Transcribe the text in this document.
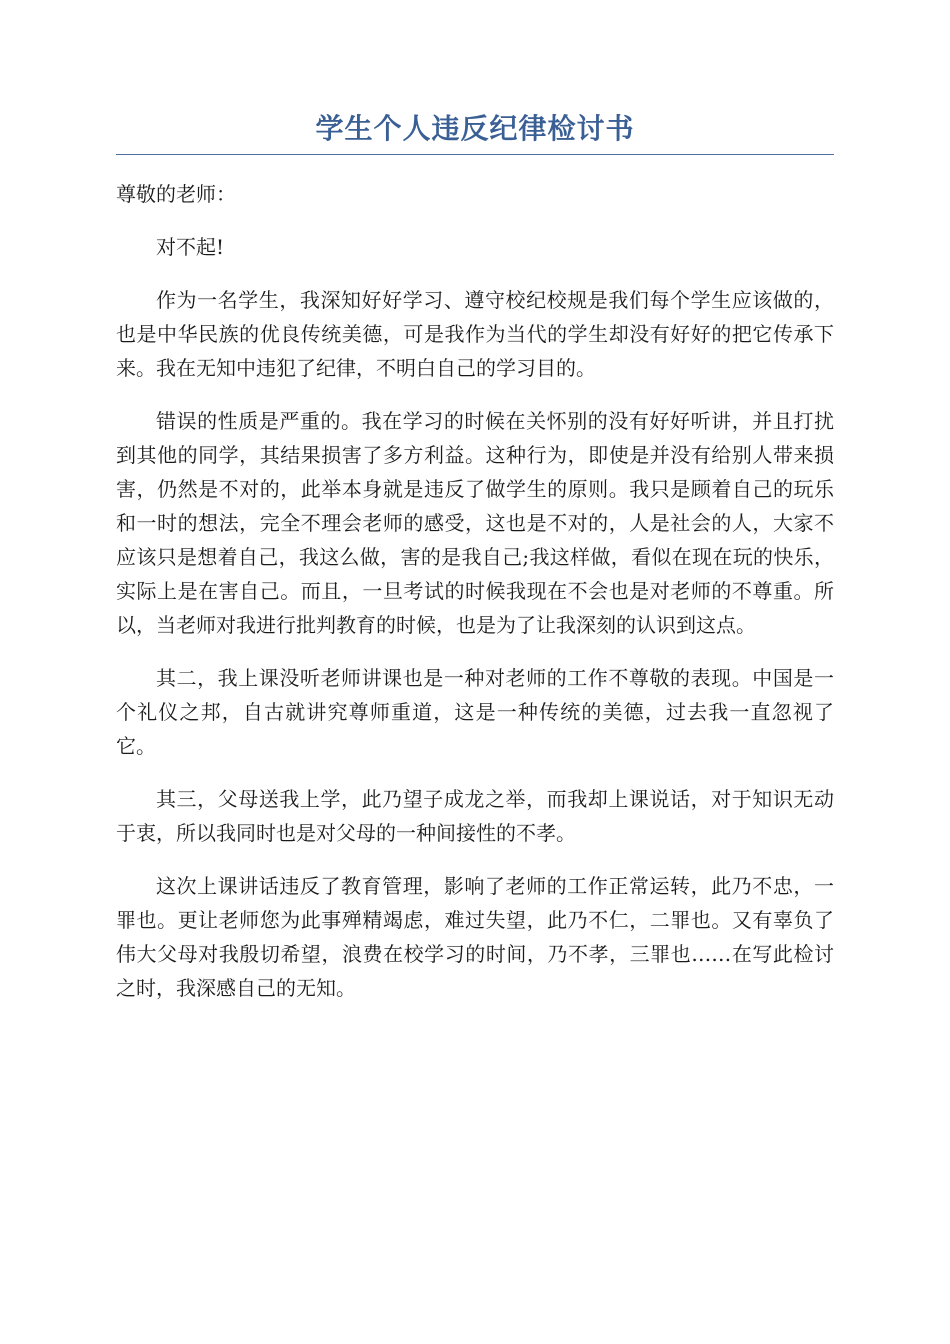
学生个人违反纪律检讨书

尊敬的老师：

对不起!

作为一名学生，我深知好好学习、遵守校纪校规是我们每个学生应该做的，也是中华民族的优良传统美德，可是我作为当代的学生却没有好好的把它传承下来。我在无知中违犯了纪律，不明白自己的学习目的。

错误的性质是严重的。我在学习的时候在关怀别的没有好好听讲，并且打扰到其他的同学，其结果损害了多方利益。这种行为，即使是并没有给别人带来损害，仍然是不对的，此举本身就是违反了做学生的原则。我只是顾着自己的玩乐和一时的想法，完全不理会老师的感受，这也是不对的，人是社会的人，大家不应该只是想着自己，我这么做，害的是我自己;我这样做，看似在现在玩的快乐，实际上是在害自己。而且，一旦考试的时候我现在不会也是对老师的不尊重。所以，当老师对我进行批判教育的时候，也是为了让我深刻的认识到这点。

其二，我上课没听老师讲课也是一种对老师的工作不尊敬的表现。中国是一个礼仪之邦，自古就讲究尊师重道，这是一种传统的美德，过去我一直忽视了它。

其三，父母送我上学，此乃望子成龙之举，而我却上课说话，对于知识无动于衷，所以我同时也是对父母的一种间接性的不孝。

这次上课讲话违反了教育管理，影响了老师的工作正常运转，此乃不忠，一罪也。更让老师您为此事殚精竭虑，难过失望，此乃不仁，二罪也。又有辜负了伟大父母对我殷切希望，浪费在校学习的时间，乃不孝，三罪也……在写此检讨之时，我深感自己的无知。
